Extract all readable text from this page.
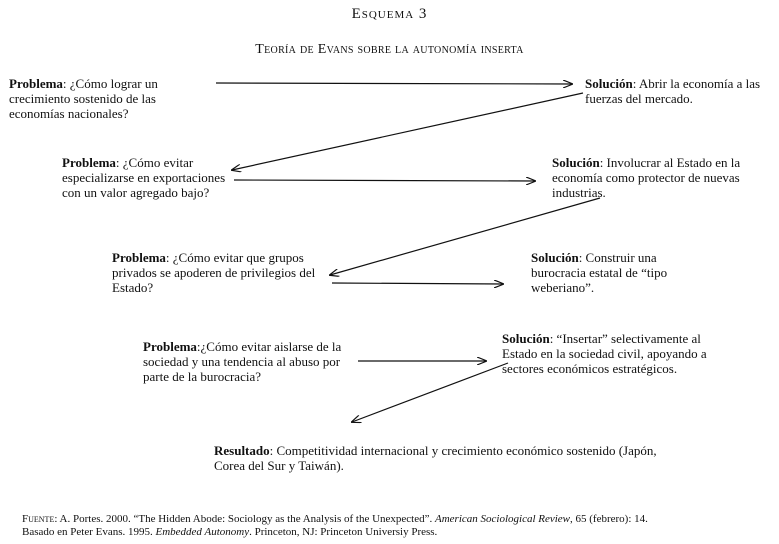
Esquema 3
Teoría de Evans sobre la autonomía inserta
Problema: ¿Cómo lograr un crecimiento sostenido de las economías nacionales?
Solución: Abrir la economía a las fuerzas del mercado.
Problema: ¿Cómo evitar especializarse en exportaciones con un valor agregado bajo?
Solución: Involucrar al Estado en la economía como protector de nuevas industrias.
Problema: ¿Cómo evitar que grupos privados se apoderen de privilegios del Estado?
Solución: Construir una burocracia estatal de “tipo weberiano”.
Problema:¿Cómo evitar aislarse de la sociedad y una tendencia al abuso por parte de la burocracia?
Solución: “Insertar” selectivamente al Estado en la sociedad civil, apoyando a sectores económicos estratégicos.
Resultado: Competitividad internacional y crecimiento económico sostenido (Japón, Corea del Sur y Taiwán).
Fuente: A. Portes. 2000. “The Hidden Abode: Sociology as the Analysis of the Unexpected”. American Sociological Review, 65 (febrero): 14.
Basado en Peter Evans. 1995. Embedded Autonomy. Princeton, NJ: Princeton Universiy Press.
